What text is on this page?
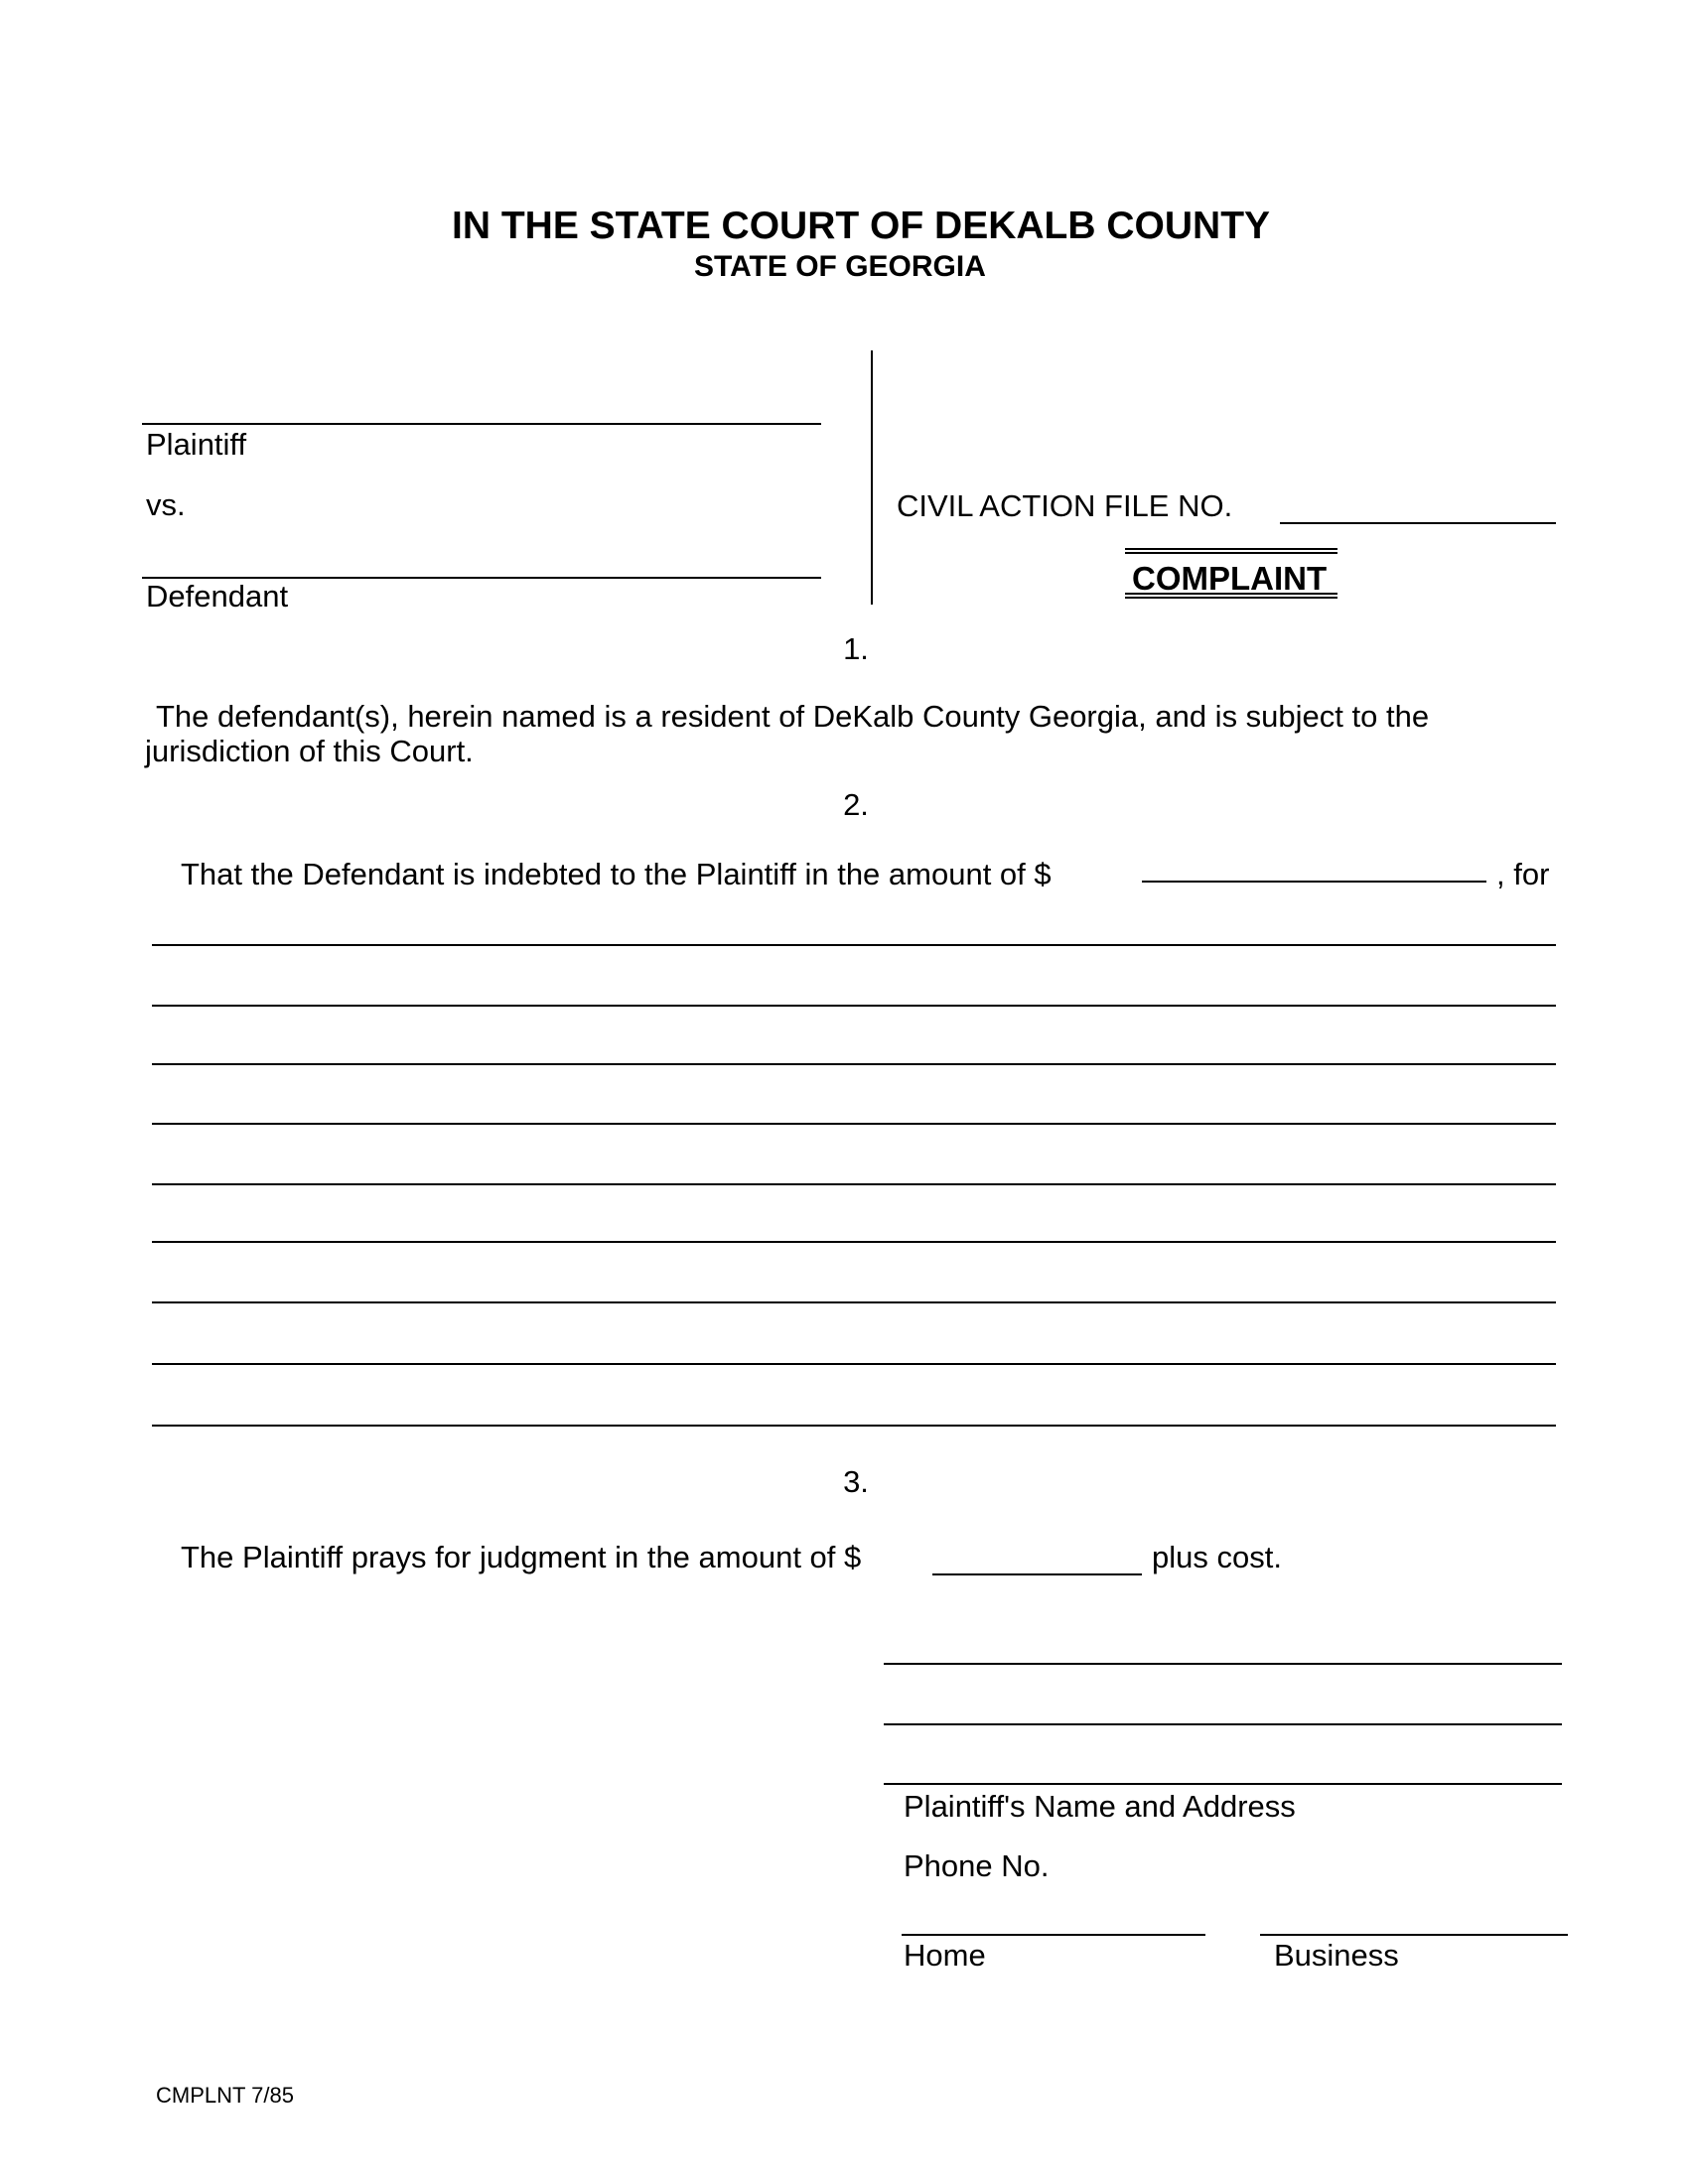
IN THE STATE COURT OF DEKALB COUNTY
STATE OF GEORGIA
Plaintiff
vs.
Defendant
CIVIL ACTION FILE NO.
COMPLAINT
1.
The defendant(s), herein named is a resident of DeKalb County Georgia, and is subject to the
jurisdiction of this Court.
2.
That the Defendant is indebted to the Plaintiff in the amount of $	, for
3.
The Plaintiff prays for judgment in the amount of $	plus cost.
Plaintiff's Name and Address
Phone No.
Home	Business
CMPLNT 7/85
